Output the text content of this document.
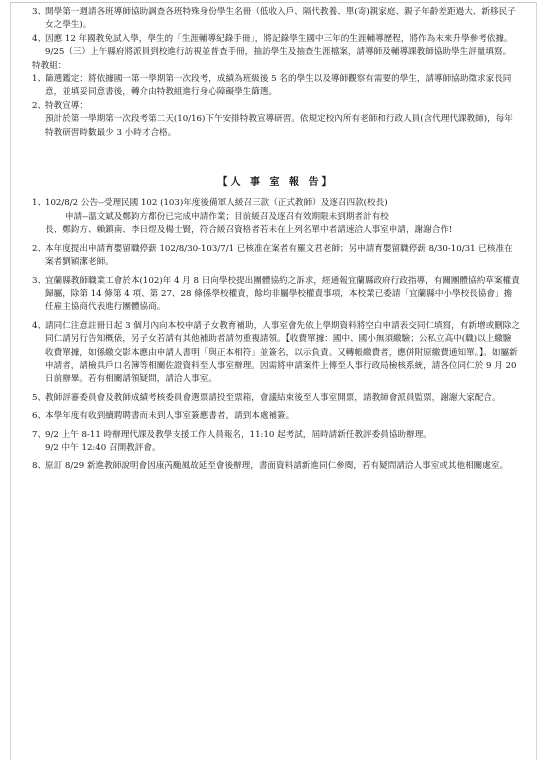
3、
開學第一週請各班導師協助調查各班特殊身份學生名冊（低收入戶、隔代教養、單(寄)親家庭、親子年齡差距過大、新移民子女之學生)。
4、
因應 12 年國教免試入學，學生的「生涯輔導紀錄手冊」，將記錄學生國中三年的生涯輔導歷程，將作為未來升學參考依據。9/25（三）上午縣府將派員到校進行訪視並普查手冊，抽訪學生及抽查生涯檔案，請導師及輔導課教師協助學生評量填寫。
特教組：
1、
篩選鑑定：將依據國一第一學期第一次段考，成績為班級後 5 名的學生以及導師觀察有需要的學生，請導師協助徵求家長同意，並填妥同意書後，轉介由特教組進行身心障礙學生篩選。
2、
特教宣導：
預計於第一學期第一次段考第二天(10/16)下午安排特教宣導研習。依規定校內所有老師和行政人員(含代理代課教師)，每年特教研習時數最少 3 小時才合格。
【人 事 室 報 告】
1、
102/8/2 公告--受理民國 102 (103)年度後備軍人緩召三款（正式教師）及逐召四款(校長)
申請--溫文斌及鄭鈞方都份已完成申請作業；目前緩召及逐召有效期限未到期者計有校
長、鄭鈞方、賴鎮南、李日煜及楊士賢，符合緩召資格者若未在上列名單中者請速洽人事室申請，謝謝合作!
2、
本年度提出申請育嬰留職停薪 102/8/30-103/7/1 已核准在案者有羅文君老師；另申請育嬰留職停薪 8/30-10/31 已核准在案者劉穎潔老師。
3、
宜蘭縣教師職業工會於本(102)年 4 月 8 日向學校提出團體協約之訴求，經通報宜蘭縣政府行政指導，有關團體協約草案權責歸屬，除第 14 條第 4 項、第 27、28 條係學校權責，餘均非屬學校權責事項，本校業已委請「宜蘭縣中小學校長協會」擔任雇主協商代表進行團體協商。
4、
請同仁注意註冊日起 3 個月內向本校申請子女教育補助，人事室會先依上學期資料將空白申請表交同仁填寫，有新增或刪除之同仁請另行告知概俵，另子女若請有其他補助者請勿重複請領。【收費單據：國中、國小無須繳驗；公私立高中(職)以上繳驗收費單據，如係繳交影本應由申請人書明「與正本相符」並簽名，以示負責。又轉帳繳費者，應併附原繳費通知單。】。如屬新申請者，請檢具戶口名簿等相關佐證資料至人事室辦理。因需將申請案件上傳至人事行政局檢核系統，請各位同仁於 9 月 20 日前辦畢。若有相關請領疑問，請洽人事室。
5、
教師評審委員會及教師成績考核委員會選票請投至票箱，會議結束後至人事室開票，請教師會派員監票，謝謝大家配合。
6、
本學年度有收到續聘聘書而未到人事室簽應書者，請到本處補簽。
7、
9/2 上午 8-11 時辦理代課及教學支援工作人員報名，11:10 起考試，屆時請新任教評委員協助辦理。
9/2 中午 12:40 召開教評會。
8、
原訂 8/29 新進教師說明會因康芮颱風故延至會後辦理，書面資料請新進同仁參閱，若有疑問請洽人事室或其他相關處室。
